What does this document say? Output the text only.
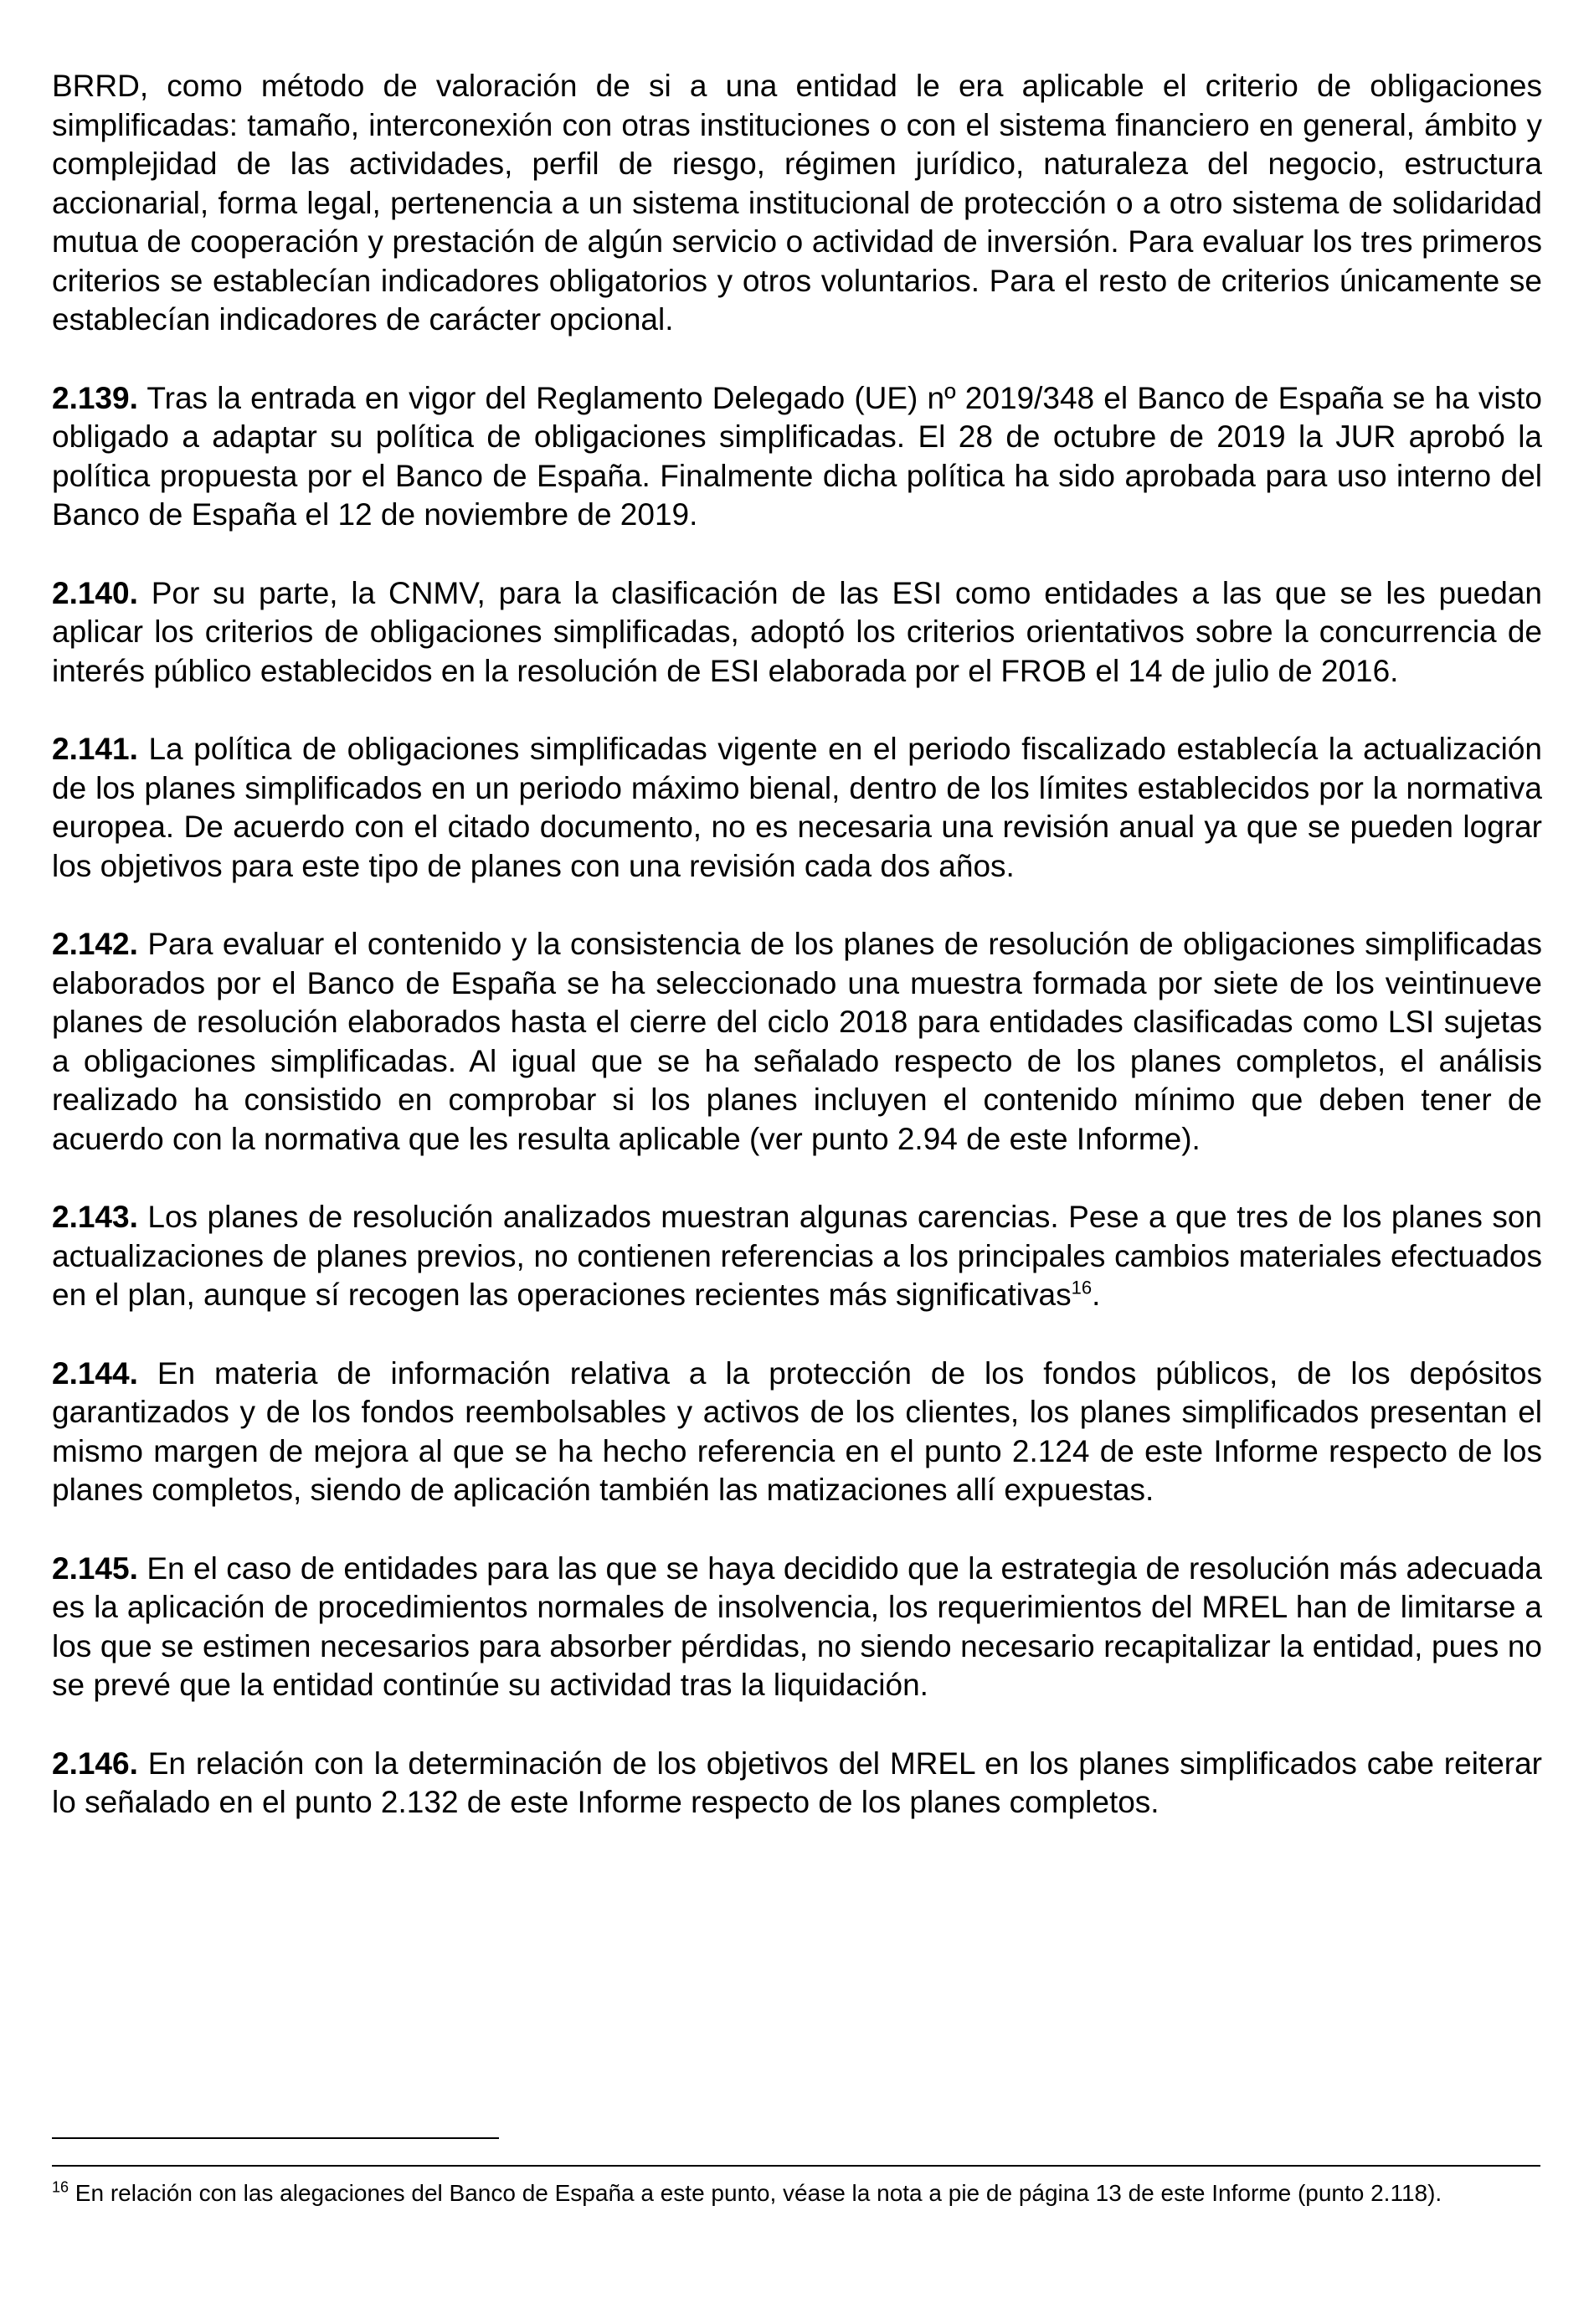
BRRD, como método de valoración de si a una entidad le era aplicable el criterio de obligaciones simplificadas: tamaño, interconexión con otras instituciones o con el sistema financiero en general, ámbito y complejidad de las actividades, perfil de riesgo, régimen jurídico, naturaleza del negocio, estructura accionarial, forma legal, pertenencia a un sistema institucional de protección o a otro sistema de solidaridad mutua de cooperación y prestación de algún servicio o actividad de inversión. Para evaluar los tres primeros criterios se establecían indicadores obligatorios y otros voluntarios. Para el resto de criterios únicamente se establecían indicadores de carácter opcional.

2.139. Tras la entrada en vigor del Reglamento Delegado (UE) nº 2019/348 el Banco de España se ha visto obligado a adaptar su política de obligaciones simplificadas. El 28 de octubre de 2019 la JUR aprobó la política propuesta por el Banco de España. Finalmente dicha política ha sido aprobada para uso interno del Banco de España el 12 de noviembre de 2019.

2.140. Por su parte, la CNMV, para la clasificación de las ESI como entidades a las que se les puedan aplicar los criterios de obligaciones simplificadas, adoptó los criterios orientativos sobre la concurrencia de interés público establecidos en la resolución de ESI elaborada por el FROB el 14 de julio de 2016.

2.141. La política de obligaciones simplificadas vigente en el periodo fiscalizado establecía la actualización de los planes simplificados en un periodo máximo bienal, dentro de los límites establecidos por la normativa europea. De acuerdo con el citado documento, no es necesaria una revisión anual ya que se pueden lograr los objetivos para este tipo de planes con una revisión cada dos años.

2.142. Para evaluar el contenido y la consistencia de los planes de resolución de obligaciones simplificadas elaborados por el Banco de España se ha seleccionado una muestra formada por siete de los veintinueve planes de resolución elaborados hasta el cierre del ciclo 2018 para entidades clasificadas como LSI sujetas a obligaciones simplificadas. Al igual que se ha señalado respecto de los planes completos, el análisis realizado ha consistido en comprobar si los planes incluyen el contenido mínimo que deben tener de acuerdo con la normativa que les resulta aplicable (ver punto 2.94 de este Informe).

2.143. Los planes de resolución analizados muestran algunas carencias. Pese a que tres de los planes son actualizaciones de planes previos, no contienen referencias a los principales cambios materiales efectuados en el plan, aunque sí recogen las operaciones recientes más significativas$^{16}$.

2.144. En materia de información relativa a la protección de los fondos públicos, de los depósitos garantizados y de los fondos reembolsables y activos de los clientes, los planes simplificados presentan el mismo margen de mejora al que se ha hecho referencia en el punto 2.124 de este Informe respecto de los planes completos, siendo de aplicación también las matizaciones allí expuestas.

2.145. En el caso de entidades para las que se haya decidido que la estrategia de resolución más adecuada es la aplicación de procedimientos normales de insolvencia, los requerimientos del MREL han de limitarse a los que se estimen necesarios para absorber pérdidas, no siendo necesario recapitalizar la entidad, pues no se prevé que la entidad continúe su actividad tras la liquidación.

2.146. En relación con la determinación de los objetivos del MREL en los planes simplificados cabe reiterar lo señalado en el punto 2.132 de este Informe respecto de los planes completos.

$^{16}$ En relación con las alegaciones del Banco de España a este punto, véase la nota a pie de página 13 de este Informe (punto 2.118).
